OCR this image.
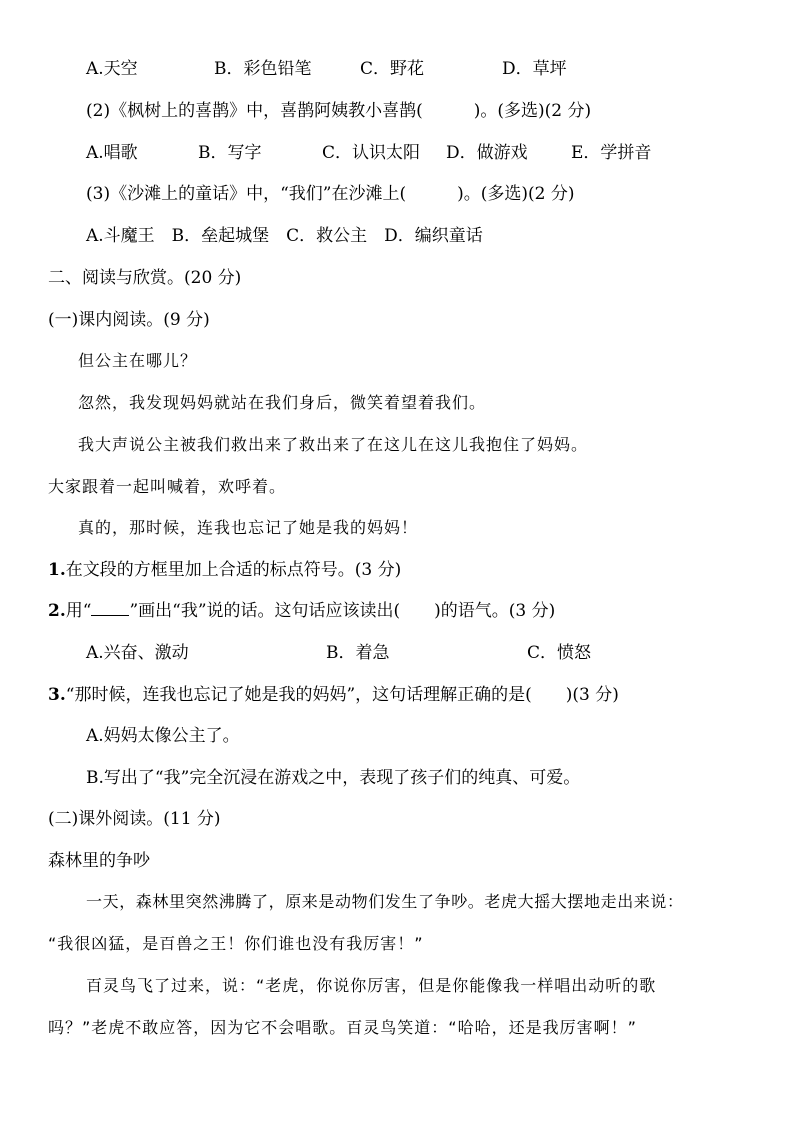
A.天空	B．彩色铅笔	C．野花	D．草坪
(2)《枫树上的喜鹊》中，喜鹊阿姨教小喜鹊(　　　)。(多选)(2 分)
A.唱歌	B．写字	C．认识太阳 D．做游戏	E．学拼音
(3)《沙滩上的童话》中，“我们”在沙滩上(　　　)。(多选)(2 分)
A.斗魔王　B．垒起城堡　C．救公主　D．编织童话
二、阅读与欣赏。(20 分)
(一)课内阅读。(9 分)
但公主在哪儿？
忽然，我发现妈妈就站在我们身后，微笑着望着我们。
我大声说公主被我们救出来了救出来了在这儿在这儿我抱住了妈妈。
大家跟着一起叫喊着，欢呼着。
真的，那时候，连我也忘记了她是我的妈妈！
1.在文段的方框里加上合适的标点符号。(3 分)
2.用“ ”画出“我”说的话。这句话应该读出(　　)的语气。(3 分)
A.兴奋、激动	B．着急	C．愤怒
3.“那时候，连我也忘记了她是我的妈妈”，这句话理解正确的是(　　)(3 分)
A.妈妈太像公主了。
B.写出了“我”完全沉浸在游戏之中，表现了孩子们的纯真、可爱。
(二)课外阅读。(11 分)
森林里的争吵
一天，森林里突然沸腾了，原来是动物们发生了争吵。老虎大摇大摆地走出来说：
“我很凶猛，是百兽之王！你们谁也没有我厉害！”
百灵鸟飞了过来，说：“老虎，你说你厉害，但是你能像我一样唱出动听的歌
吗？”老虎不敢应答，因为它不会唱歌。百灵鸟笑道：“哈哈，还是我厉害啊！”
